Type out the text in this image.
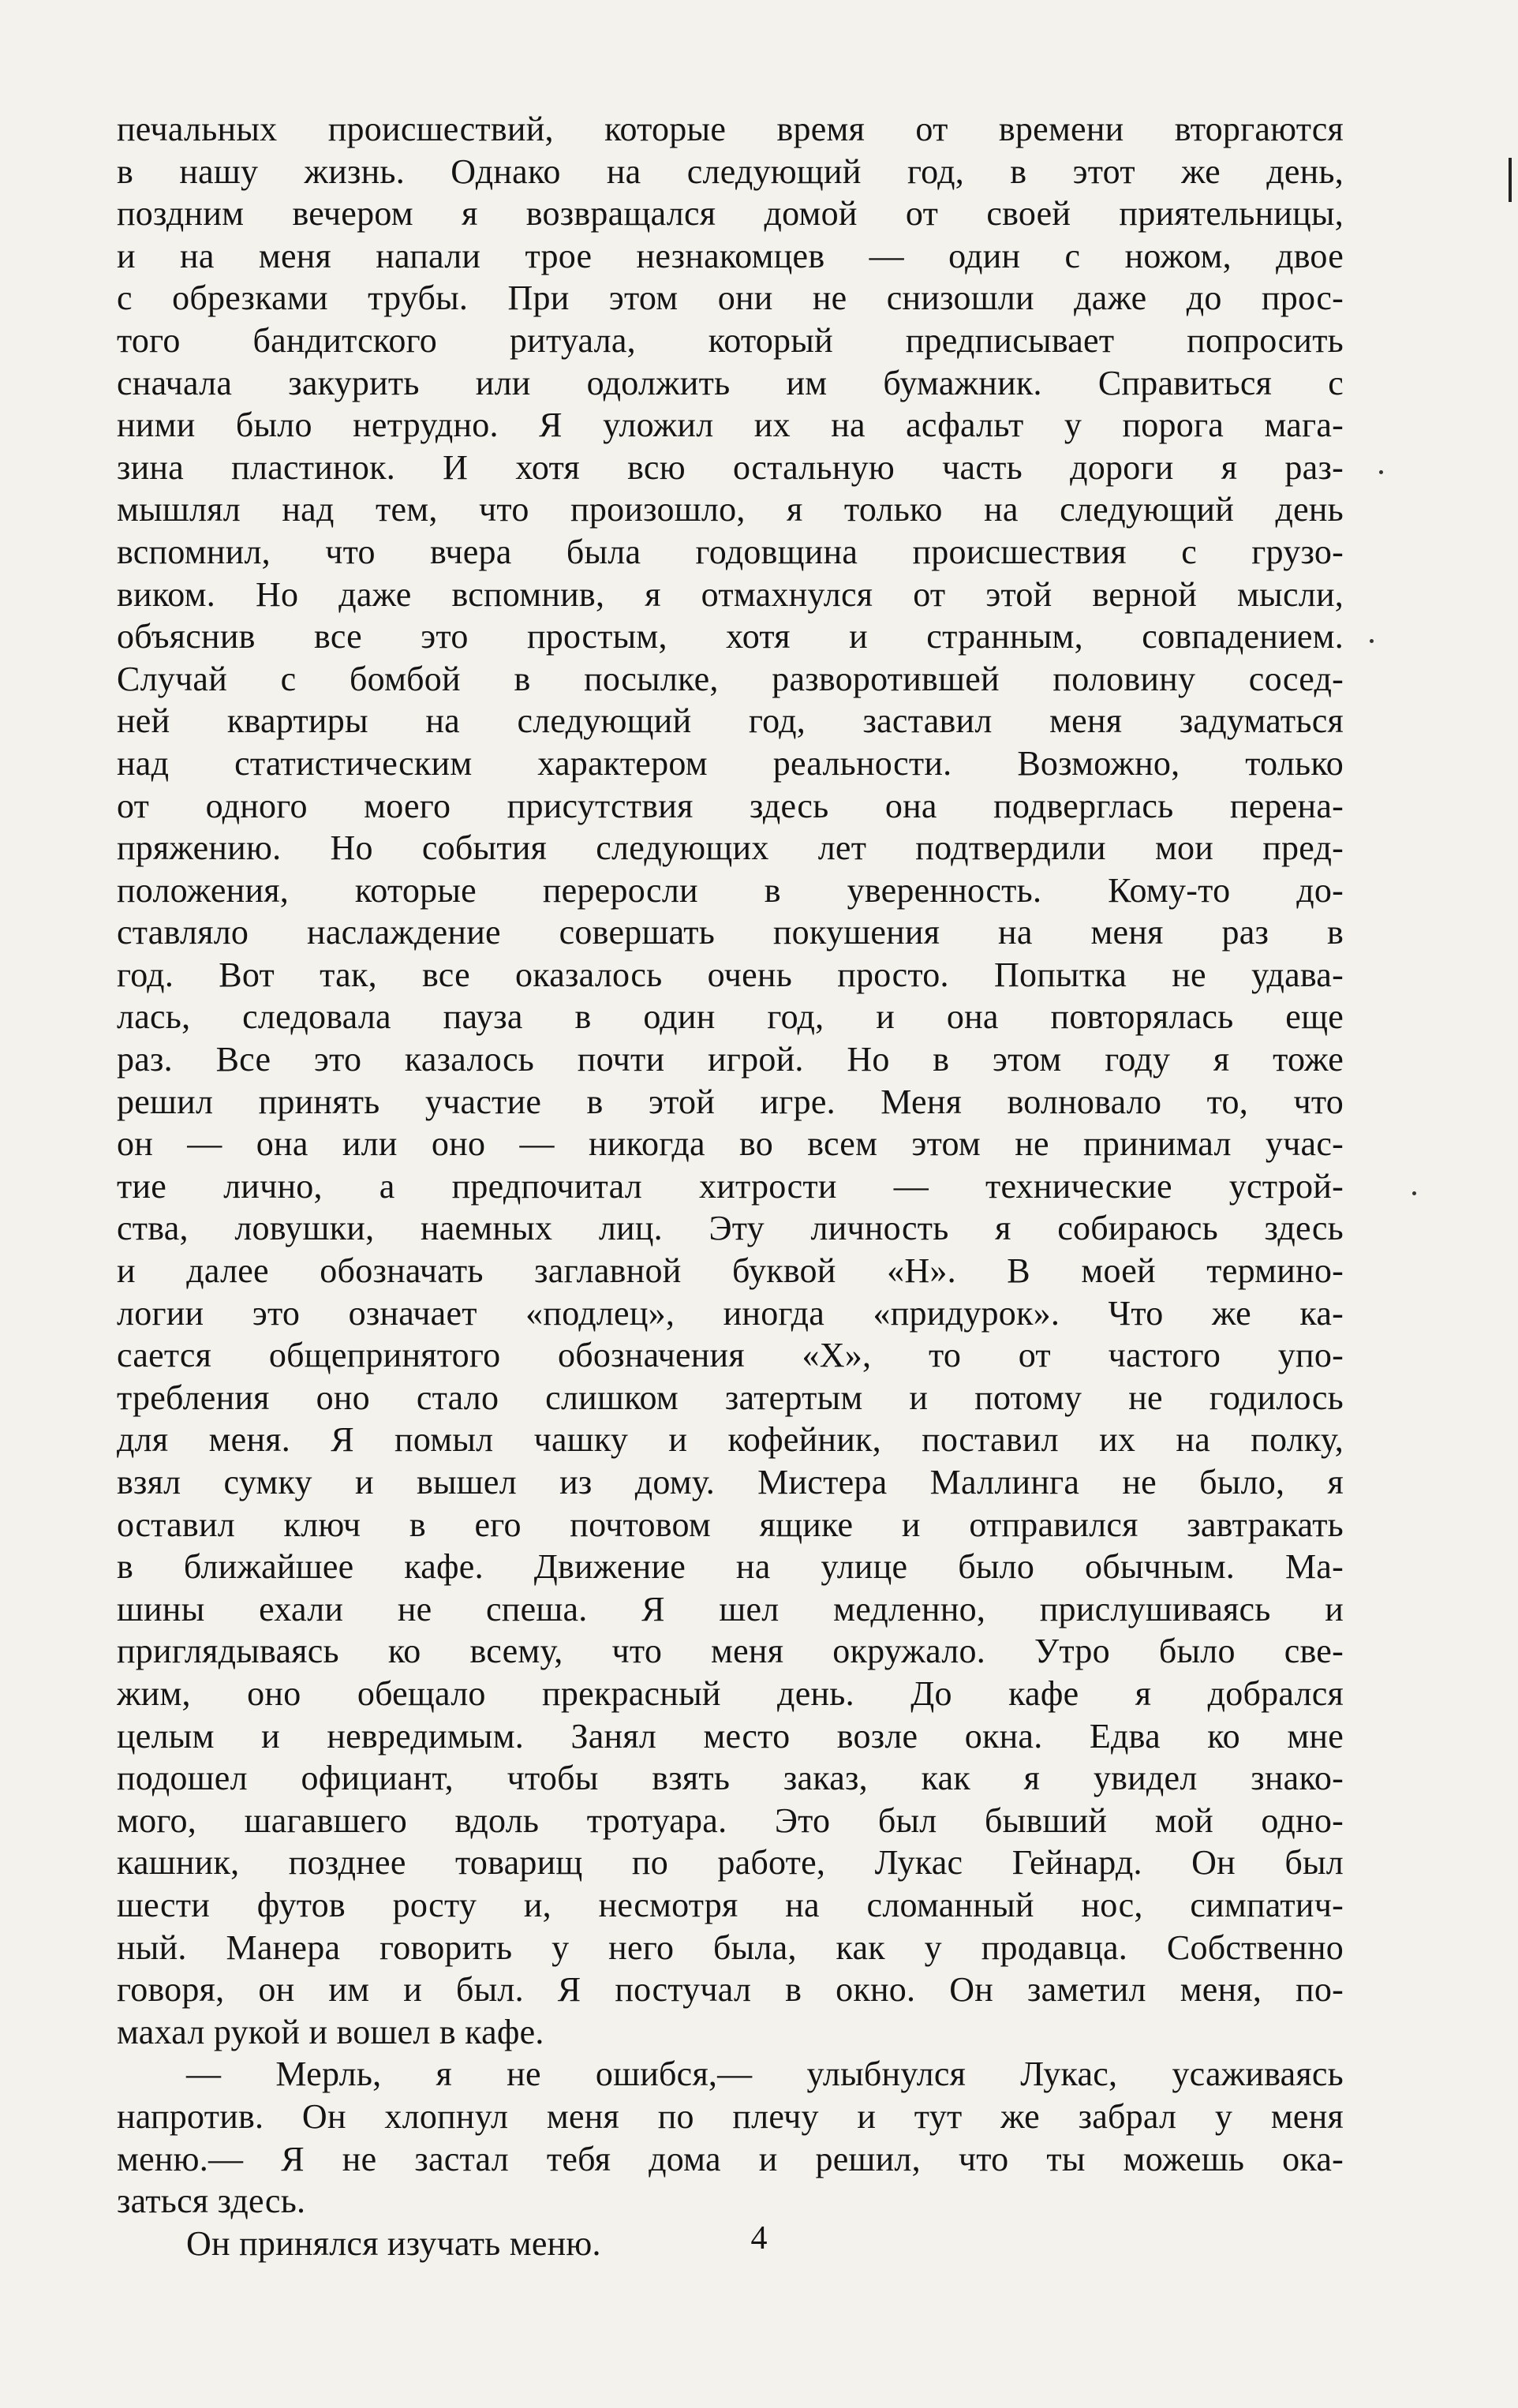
печальных происшествий, которые время от времени вторгаются
в нашу жизнь. Однако на следующий год, в этот же день,
поздним вечером я возвращался домой от своей приятельницы,
и на меня напали трое незнакомцев — один с ножом, двое
с обрезками трубы. При этом они не снизошли даже до прос-
того бандитского ритуала, который предписывает попросить
сначала закурить или одолжить им бумажник. Справиться с
ними было нетрудно. Я уложил их на асфальт у порога мага-
зина пластинок. И хотя всю остальную часть дороги я раз-
мышлял над тем, что произошло, я только на следующий день
вспомнил, что вчера была годовщина происшествия с грузо-
виком. Но даже вспомнив, я отмахнулся от этой верной мысли,
объяснив все это простым, хотя и странным, совпадением.
Случай с бомбой в посылке, разворотившей половину сосед-
ней квартиры на следующий год, заставил меня задуматься
над статистическим характером реальности. Возможно, только
от одного моего присутствия здесь она подверглась перена-
пряжению. Но события следующих лет подтвердили мои пред-
положения, которые переросли в уверенность. Кому-то до-
ставляло наслаждение совершать покушения на меня раз в
год. Вот так, все оказалось очень просто. Попытка не удава-
лась, следовала пауза в один год, и она повторялась еще
раз. Все это казалось почти игрой. Но в этом году я тоже
решил принять участие в этой игре. Меня волновало то, что
он — она или оно — никогда во всем этом не принимал учас-
тие лично, а предпочитал хитрости — технические устрой-
ства, ловушки, наемных лиц. Эту личность я собираюсь здесь
и далее обозначать заглавной буквой «Н». В моей термино-
логии это означает «подлец», иногда «придурок». Что же ка-
сается общепринятого обозначения «Х», то от частого упо-
требления оно стало слишком затертым и потому не годилось
для меня. Я помыл чашку и кофейник, поставил их на полку,
взял сумку и вышел из дому. Мистера Маллинга не было, я
оставил ключ в его почтовом ящике и отправился завтракать
в ближайшее кафе. Движение на улице было обычным. Ма-
шины ехали не спеша. Я шел медленно, прислушиваясь и
приглядываясь ко всему, что меня окружало. Утро было све-
жим, оно обещало прекрасный день. До кафе я добрался
целым и невредимым. Занял место возле окна. Едва ко мне
подошел официант, чтобы взять заказ, как я увидел знако-
мого, шагавшего вдоль тротуара. Это был бывший мой одно-
кашник, позднее товарищ по работе, Лукас Гейнард. Он был
шести футов росту и, несмотря на сломанный нос, симпатич-
ный. Манера говорить у него была, как у продавца. Собственно
говоря, он им и был. Я постучал в окно. Он заметил меня, по-
махал рукой и вошел в кафе.
— Мерль, я не ошибся,— улыбнулся Лукас, усаживаясь
напротив. Он хлопнул меня по плечу и тут же забрал у меня
меню.— Я не застал тебя дома и решил, что ты можешь ока-
заться здесь.
Он принялся изучать меню.	4
